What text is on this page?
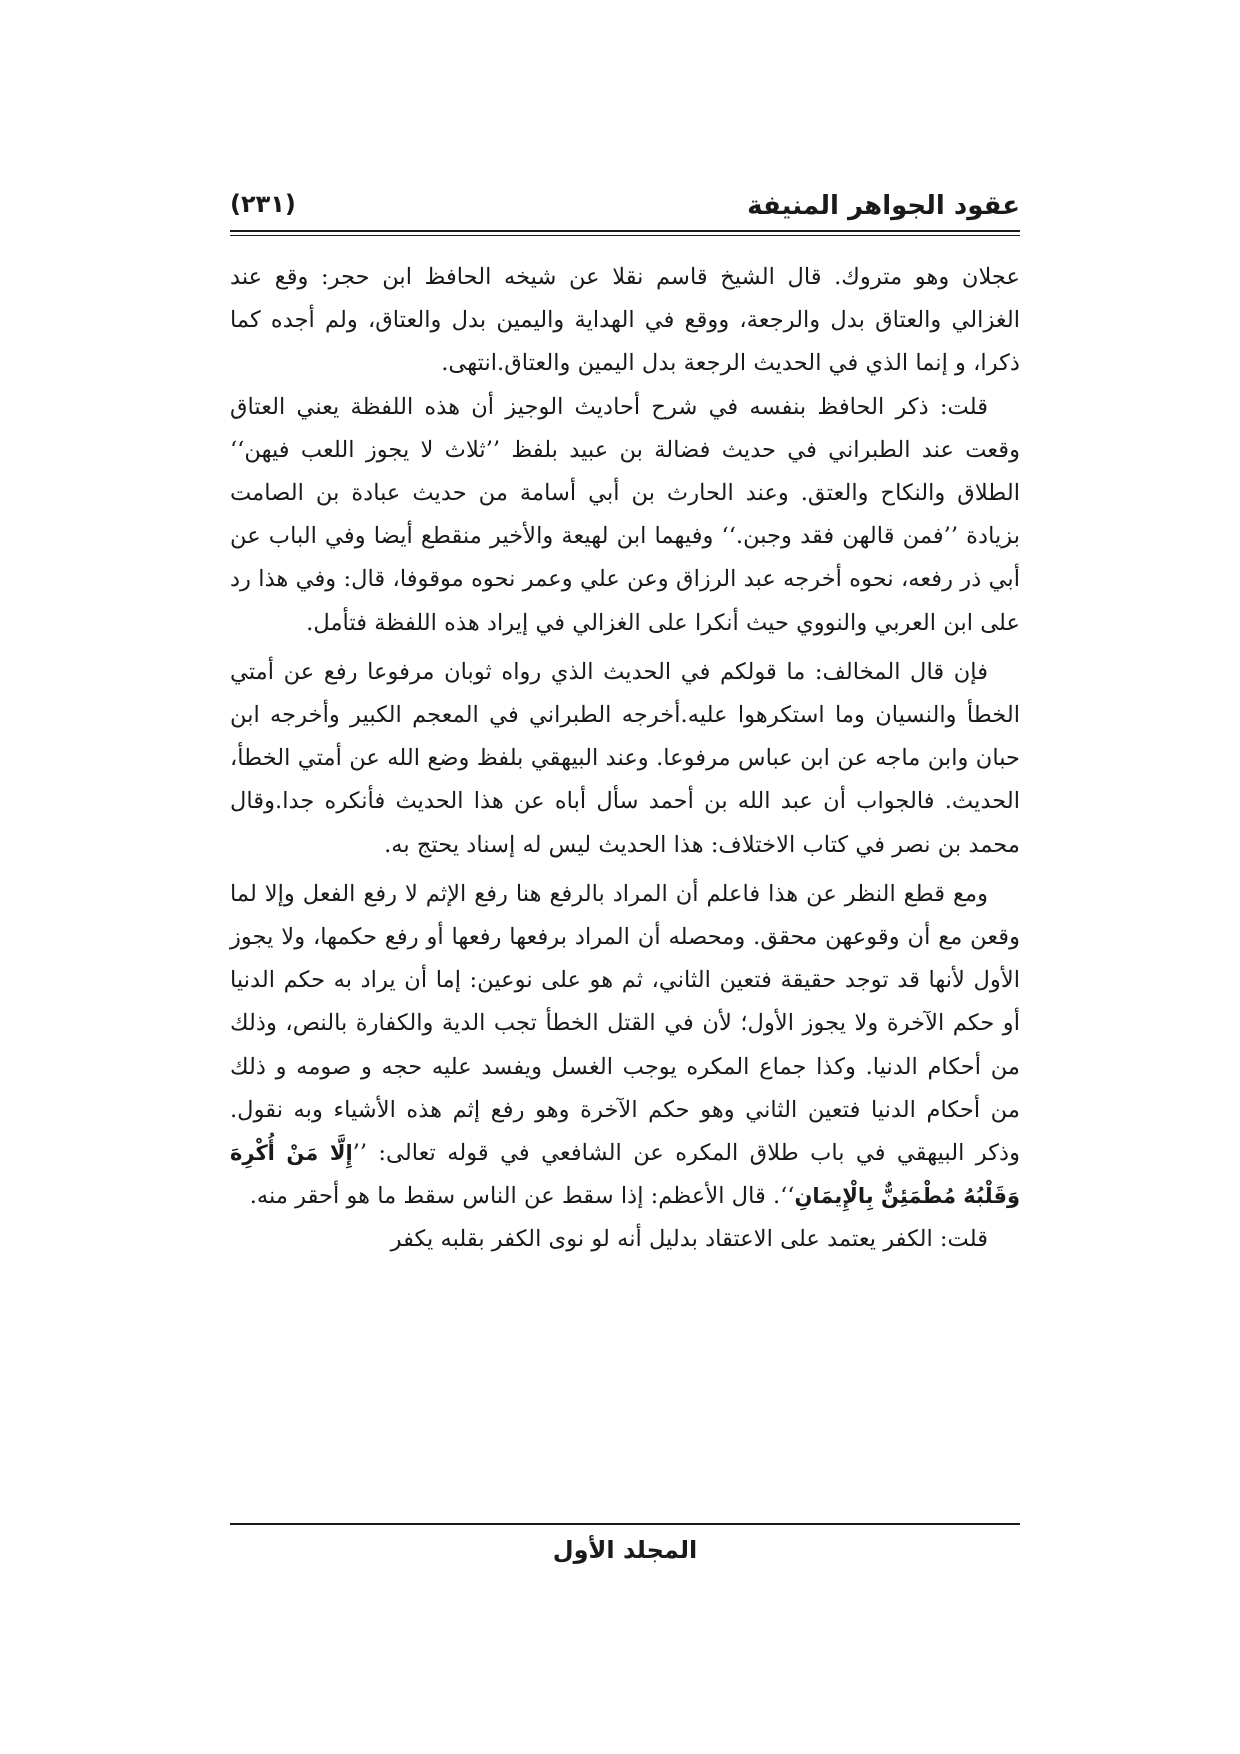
عقود الجواهر المنيفة
(٢٣١)

عجلان وهو متروك. قال الشيخ قاسم نقلا عن شيخه الحافظ ابن حجر: وقع عند الغزالي والعتاق بدل والرجعة، ووقع في الهداية واليمين بدل والعتاق، ولم أجده كما ذكرا، و إنما الذي في الحديث الرجعة بدل اليمين والعتاق.انتهى.

قلت: ذكر الحافظ بنفسه في شرح أحاديث الوجيز أن هذه اللفظة يعني العتاق وقعت عند الطبراني في حديث فضالة بن عبيد بلفظ ’’ثلاث لا يجوز اللعب فيهن‘‘ الطلاق والنكاح والعتق. وعند الحارث بن أبي أسامة من حديث عبادة بن الصامت بزيادة ’’فمن قالهن فقد وجبن.‘‘ وفيهما ابن لهيعة والأخير منقطع أيضا وفي الباب عن أبي ذر رفعه، نحوه أخرجه عبد الرزاق وعن علي وعمر نحوه موقوفا، قال: وفي هذا رد على ابن العربي والنووي حيث أنكرا على الغزالي في إيراد هذه اللفظة فتأمل.

فإن قال المخالف: ما قولكم في الحديث الذي رواه ثوبان مرفوعا رفع عن أمتي الخطأ والنسيان وما استكرهوا عليه.أخرجه الطبراني في المعجم الكبير وأخرجه ابن حبان وابن ماجه عن ابن عباس مرفوعا. وعند البيهقي بلفظ وضع الله عن أمتي الخطأ، الحديث. فالجواب أن عبد الله بن أحمد سأل أباه عن هذا الحديث فأنكره جدا.وقال محمد بن نصر في كتاب الاختلاف: هذا الحديث ليس له إسناد يحتج به.

ومع قطع النظر عن هذا فاعلم أن المراد بالرفع هنا رفع الإثم لا رفع الفعل وإلا لما وقعن مع أن وقوعهن محقق. ومحصله أن المراد برفعها رفعها أو رفع حكمها، ولا يجوز الأول لأنها قد توجد حقيقة فتعين الثاني، ثم هو على نوعين: إما أن يراد به حكم الدنيا أو حكم الآخرة ولا يجوز الأول؛ لأن في القتل الخطأ تجب الدية والكفارة بالنص، وذلك من أحكام الدنيا. وكذا جماع المكره يوجب الغسل ويفسد عليه حجه و صومه و ذلك من أحكام الدنيا فتعين الثاني وهو حكم الآخرة وهو رفع إثم هذه الأشياء وبه نقول. وذكر البيهقي في باب طلاق المكره عن الشافعي في قوله تعالى: ’’إِلَّا مَنْ أُكْرِهَ وَقَلْبُهُ مُطْمَئِنٌّ بِالْإِيمَانِ‘‘. قال الأعظم: إذا سقط عن الناس سقط ما هو أحقر منه.

قلت: الكفر يعتمد على الاعتقاد بدليل أنه لو نوى الكفر بقلبه يكفر

المجلد الأول
